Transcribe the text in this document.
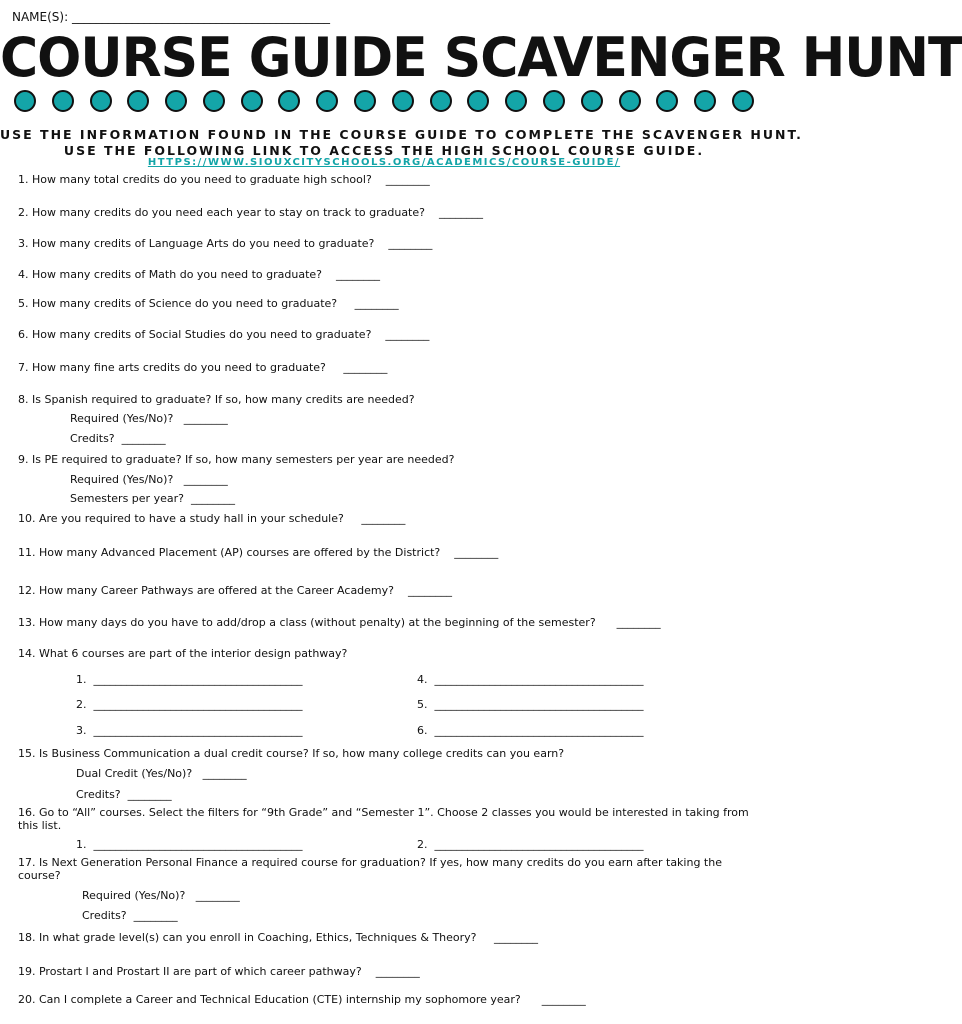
NAME(S): ___________________________________________
COURSE GUIDE SCAVENGER HUNT
USE THE INFORMATION FOUND IN THE COURSE GUIDE TO COMPLETE THE SCAVENGER HUNT.
USE THE FOLLOWING LINK TO ACCESS THE HIGH SCHOOL COURSE GUIDE.
HTTPS://WWW.SIOUXCITYSCHOOLS.ORG/ACADEMICS/COURSE-GUIDE/
1. How many total credits do you need to graduate high school? ________
2. How many credits do you need each year to stay on track to graduate? ________
3. How many credits of Language Arts do you need to graduate? ________
4. How many credits of Math do you need to graduate? ________
5. How many credits of Science do you need to graduate? ________
6. How many credits of Social Studies do you need to graduate? ________
7. How many fine arts credits do you need to graduate? ________
8. Is Spanish required to graduate? If so, how many credits are needed?
Required (Yes/No)? ________
Credits? ________
9. Is PE required to graduate? If so, how many semesters per year are needed?
Required (Yes/No)? ________
Semesters per year? ________
10. Are you required to have a study hall in your schedule? ________
11. How many Advanced Placement (AP) courses are offered by the District? ________
12. How many Career Pathways are offered at the Career Academy? ________
13. How many days do you have to add/drop a class (without penalty) at the beginning of the semester? ________
14. What 6 courses are part of the interior design pathway?
1. ______________________________________	4. ______________________________________
2. ______________________________________	5. ______________________________________
3. ______________________________________	6. ______________________________________
15. Is Business Communication a dual credit course? If so, how many college credits can you earn?
Dual Credit (Yes/No)? ________
Credits? ________
16. Go to “All” courses. Select the filters for “9th Grade” and “Semester 1”. Choose 2 classes you would be interested in taking from this list.
1. ______________________________________	2. ______________________________________
17. Is Next Generation Personal Finance a required course for graduation? If yes, how many credits do you earn after taking the course?
Required (Yes/No)? ________
Credits? ________
18. In what grade level(s) can you enroll in Coaching, Ethics, Techniques & Theory? ________
19. Prostart I and Prostart II are part of which career pathway? ________
20. Can I complete a Career and Technical Education (CTE) internship my sophomore year? ________
